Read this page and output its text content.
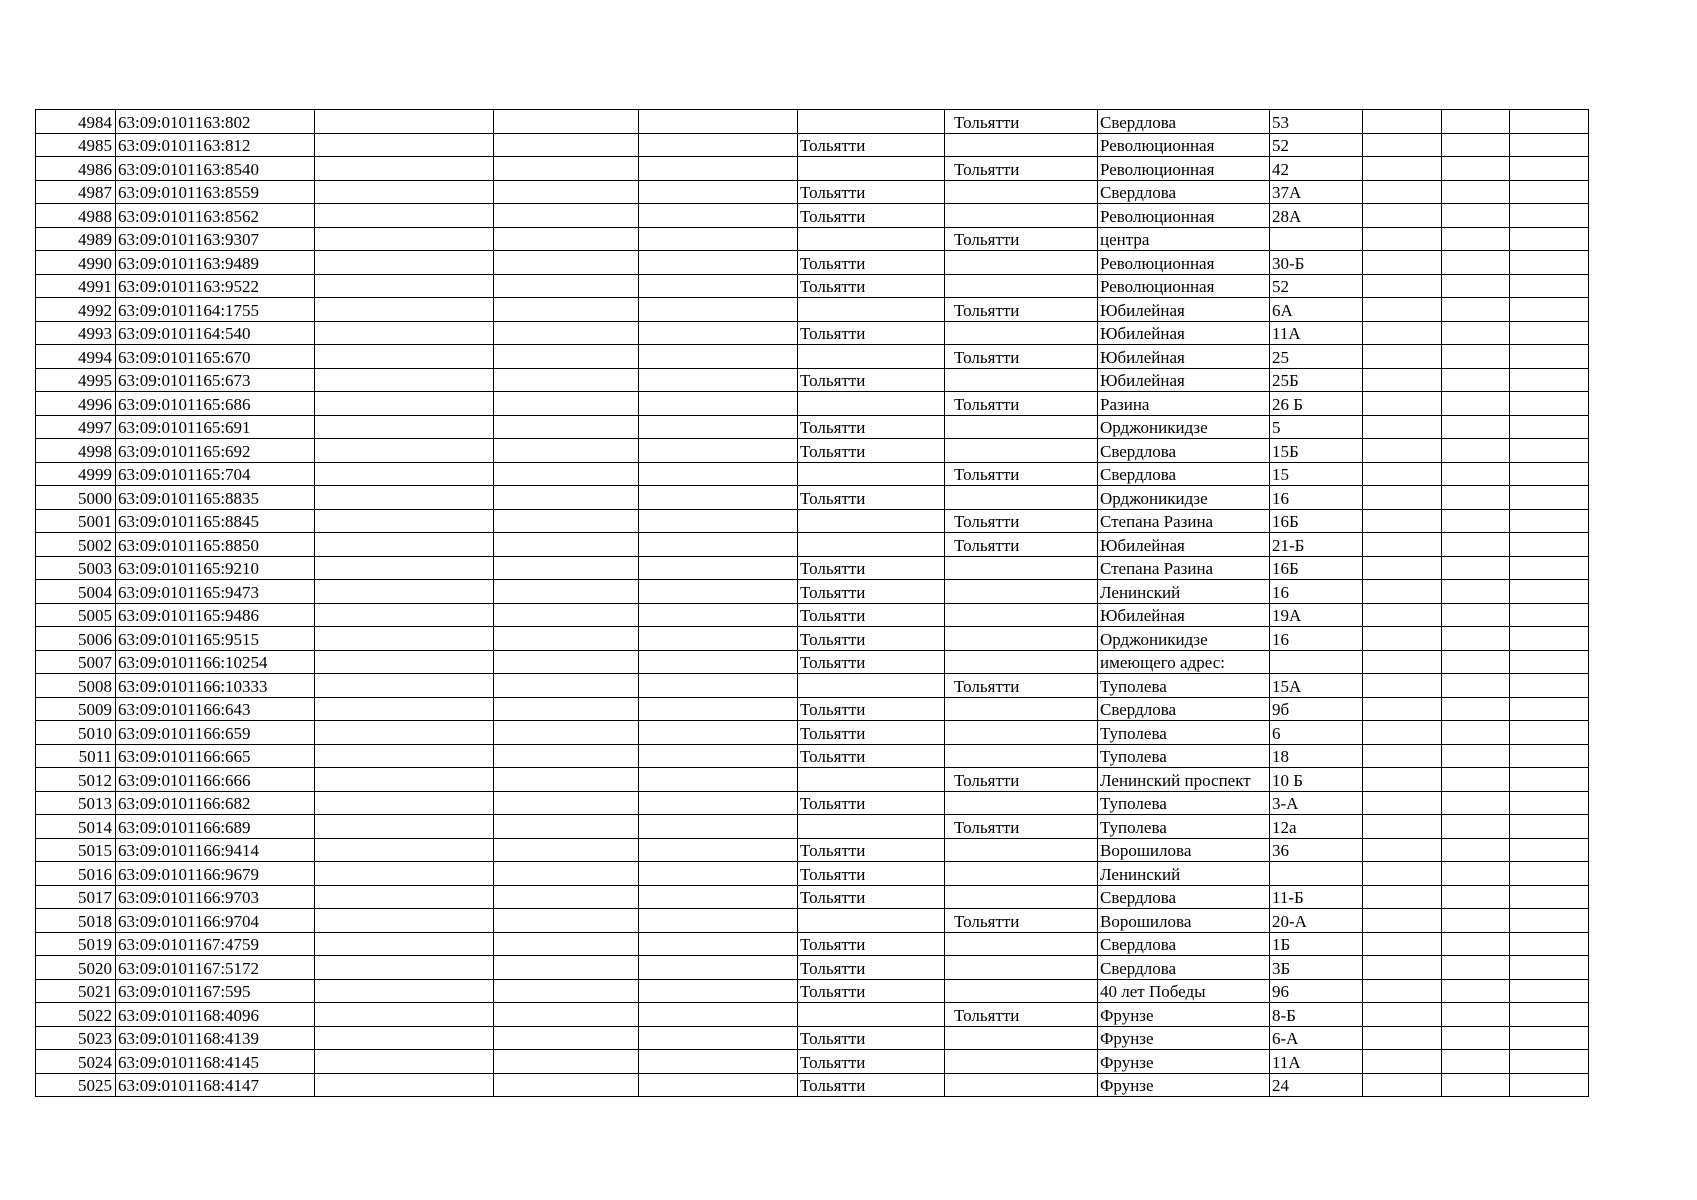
4984	63:09:0101163:802					Тольятти	Свердлова	53			
4985	63:09:0101163:812				Тольятти		Революционная	52			
4986	63:09:0101163:8540					Тольятти	Революционная	42			
4987	63:09:0101163:8559				Тольятти		Свердлова	37А			
4988	63:09:0101163:8562				Тольятти		Революционная	28А			
4989	63:09:0101163:9307					Тольятти	центра				
4990	63:09:0101163:9489				Тольятти		Революционная	30-Б			
4991	63:09:0101163:9522				Тольятти		Революционная	52			
4992	63:09:0101164:1755					Тольятти	Юбилейная	6А			
4993	63:09:0101164:540				Тольятти		Юбилейная	11А			
4994	63:09:0101165:670					Тольятти	Юбилейная	25			
4995	63:09:0101165:673				Тольятти		Юбилейная	25Б			
4996	63:09:0101165:686					Тольятти	Разина	26 Б			
4997	63:09:0101165:691				Тольятти		Орджоникидзе	5			
4998	63:09:0101165:692				Тольятти		Свердлова	15Б			
4999	63:09:0101165:704					Тольятти	Свердлова	15			
5000	63:09:0101165:8835				Тольятти		Орджоникидзе	16			
5001	63:09:0101165:8845					Тольятти	Степана Разина	16Б			
5002	63:09:0101165:8850					Тольятти	Юбилейная	21-Б			
5003	63:09:0101165:9210				Тольятти		Степана Разина	16Б			
5004	63:09:0101165:9473				Тольятти		Ленинский	16			
5005	63:09:0101165:9486				Тольятти		Юбилейная	19А			
5006	63:09:0101165:9515				Тольятти		Орджоникидзе	16			
5007	63:09:0101166:10254				Тольятти		имеющего адрес:				
5008	63:09:0101166:10333					Тольятти	Туполева	15А			
5009	63:09:0101166:643				Тольятти		Свердлова	9б			
5010	63:09:0101166:659				Тольятти		Туполева	6			
5011	63:09:0101166:665				Тольятти		Туполева	18			
5012	63:09:0101166:666					Тольятти	Ленинский проспект	10 Б			
5013	63:09:0101166:682				Тольятти		Туполева	3-А			
5014	63:09:0101166:689					Тольятти	Туполева	12а			
5015	63:09:0101166:9414				Тольятти		Ворошилова	36			
5016	63:09:0101166:9679				Тольятти		Ленинский				
5017	63:09:0101166:9703				Тольятти		Свердлова	11-Б			
5018	63:09:0101166:9704					Тольятти	Ворошилова	20-А			
5019	63:09:0101167:4759				Тольятти		Свердлова	1Б			
5020	63:09:0101167:5172				Тольятти		Свердлова	3Б			
5021	63:09:0101167:595				Тольятти		40 лет Победы	96			
5022	63:09:0101168:4096					Тольятти	Фрунзе	8-Б			
5023	63:09:0101168:4139				Тольятти		Фрунзе	6-А			
5024	63:09:0101168:4145				Тольятти		Фрунзе	11А			
5025	63:09:0101168:4147				Тольятти		Фрунзе	24			
